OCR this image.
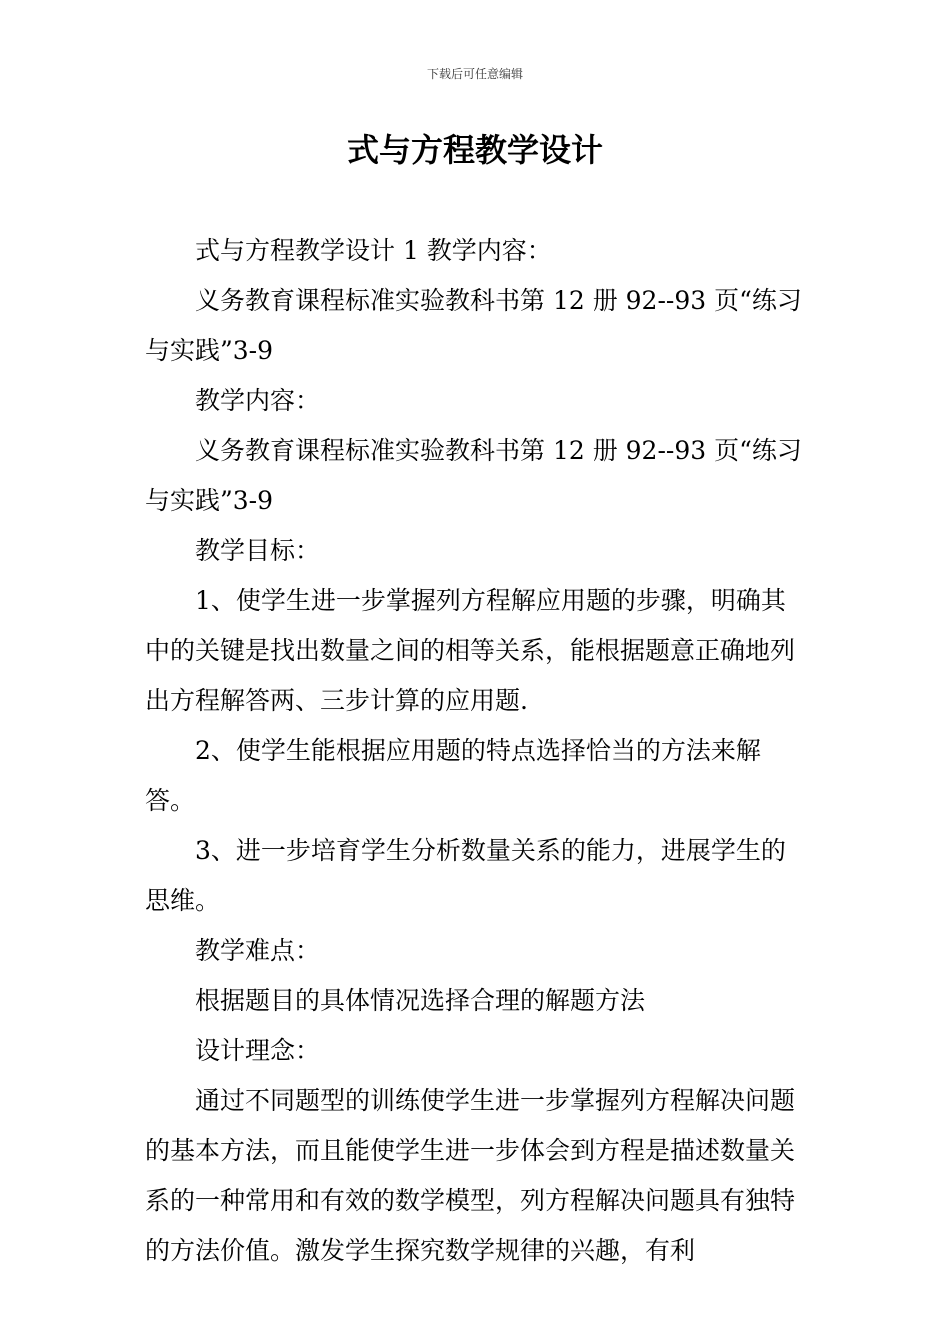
下载后可任意编辑
式与方程教学设计

式与方程教学设计 1 教学内容：

义务教育课程标准实验教科书第 12 册 92--93 页“练习与实践”3-9

教学内容：

义务教育课程标准实验教科书第 12 册 92--93 页“练习与实践”3-9

教学目标：

1、使学生进一步掌握列方程解应用题的步骤，明确其中的关键是找出数量之间的相等关系，能根据题意正确地列出方程解答两、三步计算的应用题.

2、使学生能根据应用题的特点选择恰当的方法来解答。

3、进一步培育学生分析数量关系的能力，进展学生的思维。

教学难点：

根据题目的具体情况选择合理的解题方法

设计理念：

通过不同题型的训练使学生进一步掌握列方程解决问题的基本方法，而且能使学生进一步体会到方程是描述数量关系的一种常用和有效的数学模型，列方程解决问题具有独特的方法价值。激发学生探究数学规律的兴趣，有利
